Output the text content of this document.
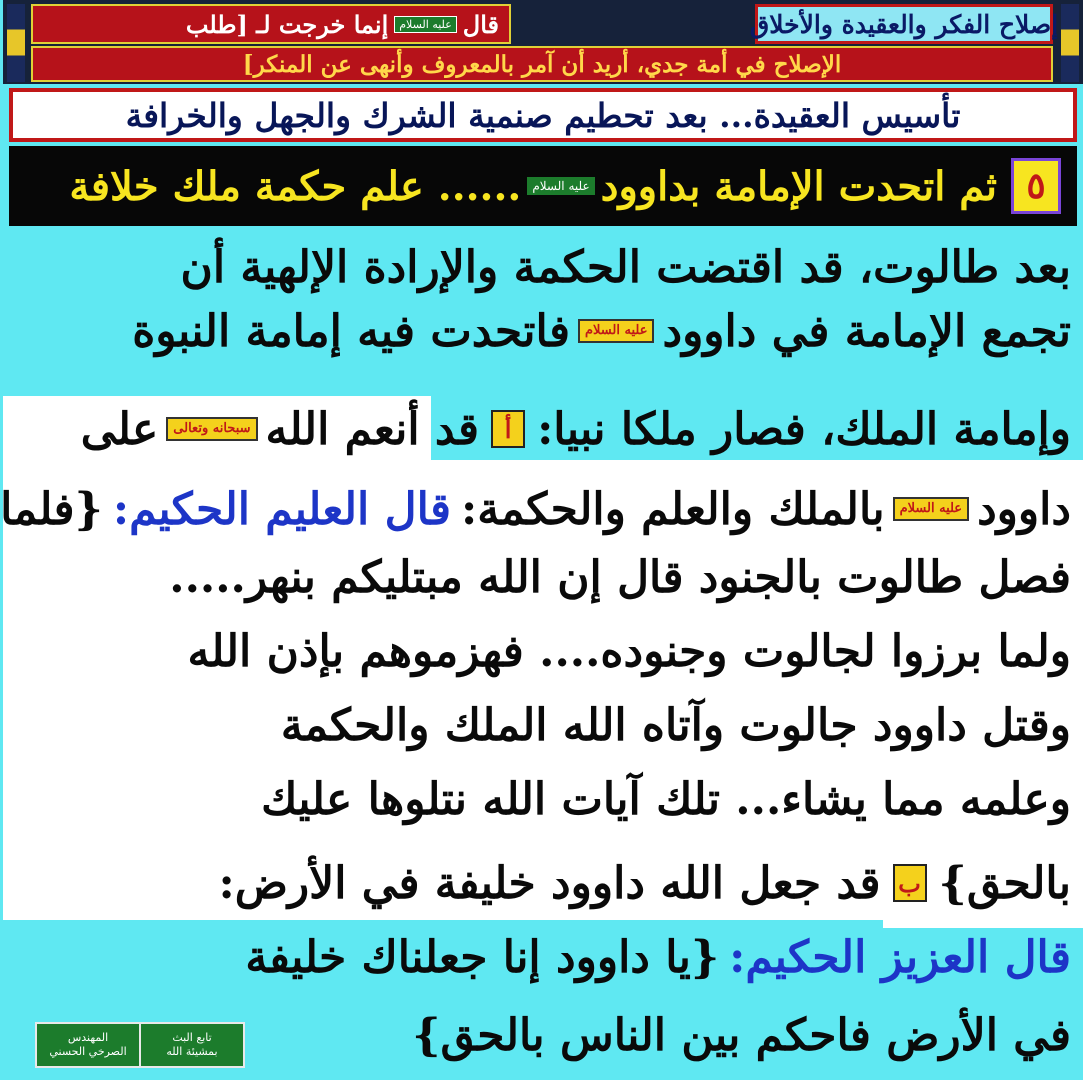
إصلاح الفكر والعقيدة والأخلاق
قال
عليه السلام
إنما خرجت لـ [طلب
الإصلاح في أمة جدي، أريد أن آمر بالمعروف وأنهى عن المنكر]
تأسيس العقيدة... بعد تحطيم صنمية الشرك والجهل والخرافة
٥
ثم اتحدت الإمامة بداوود
عليه السلام
...... علم حكمة ملك خلافة
بعد طالوت، قد اقتضت الحكمة والإرادة الإلهية أن
تجمع الإمامة في داوود
عليه السلام
فاتحدت فيه إمامة النبوة
وإمامة الملك، فصار ملكا نبيا:
أ
قد أنعم الله
سبحانه وتعالى
على
داوود
عليه السلام
بالملك والعلم والحكمة:
قال العليم الحكيم:
{فلما
فصل طالوت بالجنود قال إن الله مبتليكم بنهر.....
ولما برزوا لجالوت وجنوده.... فهزموهم بإذن الله
وقتل داوود جالوت وآتاه الله الملك والحكمة
وعلمه مما يشاء... تلك آيات الله نتلوها عليك
بالحق}
ب
قد جعل الله داوود خليفة في الأرض:
قال العزيز الحكيم:
{يا داوود إنا جعلناك خليفة
في الأرض فاحكم بين الناس بالحق}
تابع البث
بمشيئة الله
المهندس
الصرخي الحسني
